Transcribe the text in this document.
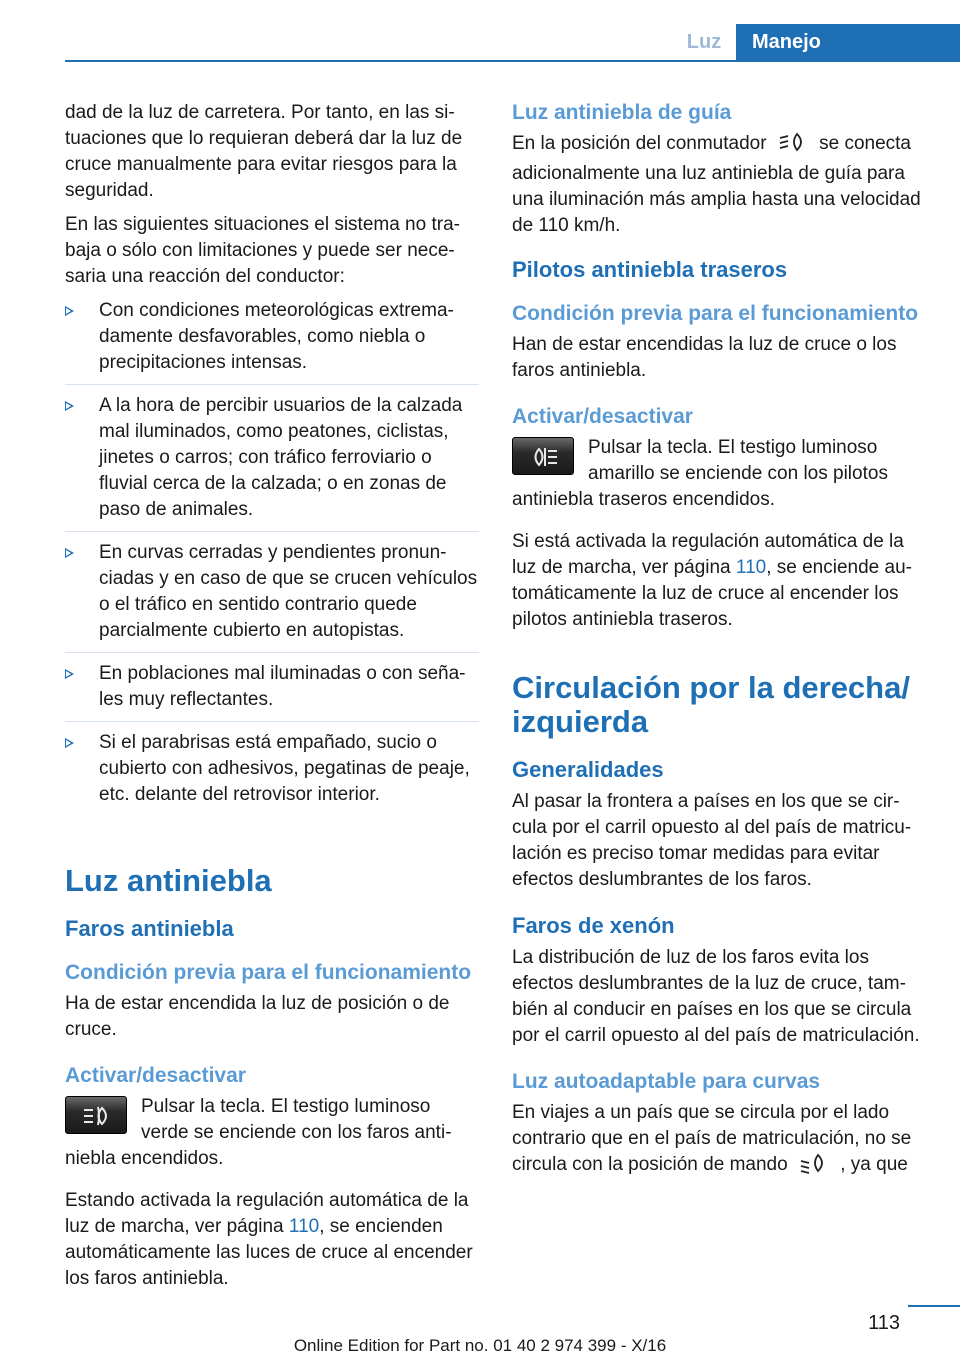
Luz	Manejo

dad de la luz de carretera. Por tanto, en las situaciones que lo requieran deberá dar la luz de cruce manualmente para evitar riesgos para la seguridad.

En las siguientes situaciones el sistema no trabaja o sólo con limitaciones y puede ser necesaria una reacción del conductor:

Con condiciones meteorológicas extremadamente desfavorables, como niebla o precipitaciones intensas.
A la hora de percibir usuarios de la calzada mal iluminados, como peatones, ciclistas, jinetes o carros; con tráfico ferroviario o fluvial cerca de la calzada; o en zonas de paso de animales.
En curvas cerradas y pendientes pronunciadas y en caso de que se crucen vehículos o el tráfico en sentido contrario quede parcialmente cubierto en autopistas.
En poblaciones mal iluminadas o con señales muy reflectantes.
Si el parabrisas está empañado, sucio o cubierto con adhesivos, pegatinas de peaje, etc. delante del retrovisor interior.
Luz antiniebla
Faros antiniebla
Condición previa para el funcionamiento

Ha de estar encendida la luz de posición o de cruce.

Activar/desactivar

Pulsar la tecla. El testigo luminoso verde se enciende con los faros antiniebla encendidos.

Estando activada la regulación automática de la luz de marcha, ver página 110, se encienden automáticamente las luces de cruce al encender los faros antiniebla.

Luz antiniebla de guía

En la posición del conmutador	se conecta adicionalmente una luz antiniebla de guía para una iluminación más amplia hasta una velocidad de 110 km/h.

Pilotos antiniebla traseros
Condición previa para el funcionamiento

Han de estar encendidas la luz de cruce o los faros antiniebla.

Activar/desactivar

Pulsar la tecla. El testigo luminoso amarillo se enciende con los pilotos antiniebla traseros encendidos.

Si está activada la regulación automática de la luz de marcha, ver página 110, se enciende automáticamente la luz de cruce al encender los pilotos antiniebla traseros.

Circulación por la derecha/ izquierda
Generalidades

Al pasar la frontera a países en los que se circula por el carril opuesto al del país de matriculación es preciso tomar medidas para evitar efectos deslumbrantes de los faros.

Faros de xenón

La distribución de luz de los faros evita los efectos deslumbrantes de la luz de cruce, también al conducir en países en los que se circula por el carril opuesto al del país de matriculación.

Luz autoadaptable para curvas

En viajes a un país que se circula por el lado contrario que en el país de matriculación, no se circula con la posición de mando	, ya que

113
Online Edition for Part no. 01 40 2 974 399 - X/16
